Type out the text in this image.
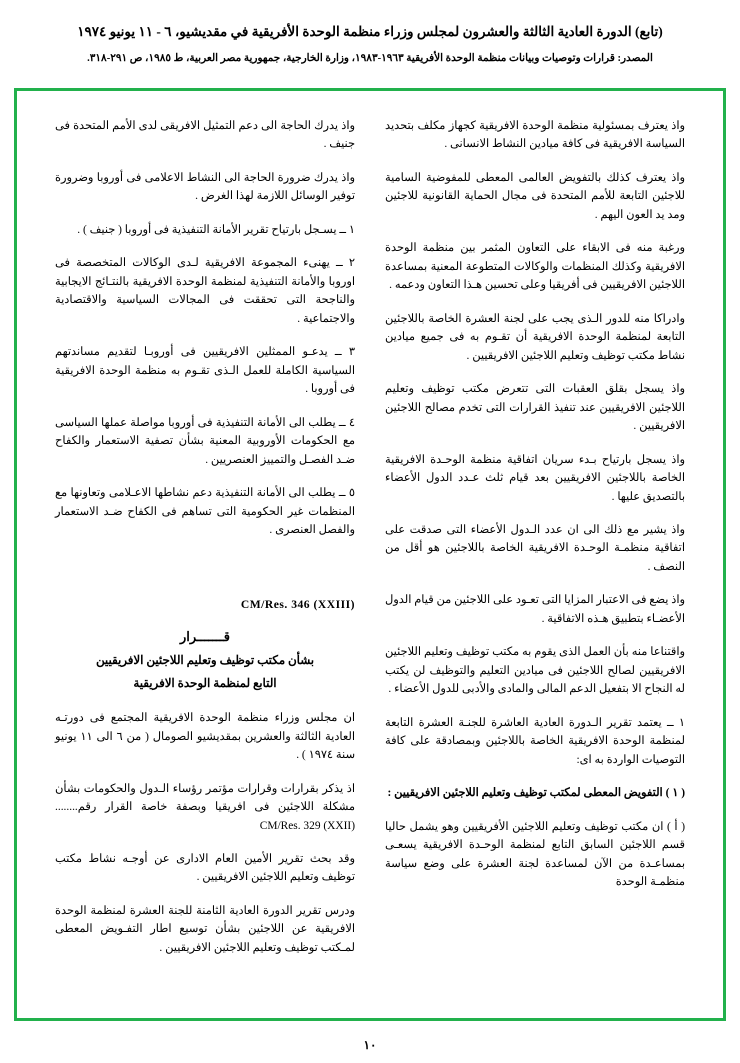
(تابع) الدورة العادية الثالثة والعشرون لمجلس وزراء منظمة الوحدة الأفريقية في مقديشيو، ٦ - ١١ يونيو ١٩٧٤
المصدر: قرارات وتوصيات وبيانات منظمة الوحدة الأفريقية ١٩٦٣-١٩٨٣، وزارة الخارجية، جمهورية مصر العربية، ط ١٩٨٥، ص ٢٩١-٣١٨.

واذ يعترف بمسئولية منظمة الوحدة الافريقية كجهاز مكلف بتحديد السياسة الافريقية فى كافة ميادين النشاط الانسانى .

واذ يعترف كذلك بالتفويض العالمى المعطى للمفوضية السامية للاجئين التابعة للأمم المتحدة فى مجال الحماية القانونية للاجئين ومد يد العون اليهم .

ورغبة منه فى الابقاء على التعاون المثمر بين منظمة الوحدة الافريقية وكذلك المنظمات والوكالات المتطوعة المعنية بمساعدة اللاجئين الافريقيين فى أفريقيا وعلى تحسين هـذا التعاون ودعمه .

وادراكا منه للدور الـذى يجب على لجنة العشرة الخاصة باللاجئين التابعة لمنظمة الوحدة الافريقية أن تقـوم به فى جميع ميادين نشاط مكتب توظيف وتعليم اللاجئين الافريقيين .

واذ يسجل بقلق العقبات التى تتعرض مكتب توظيف وتعليم اللاجئين الافريقيين عند تنفيذ القرارات التى تخدم مصالح اللاجئين الافريقيين .

واذ يسجل بارتياح بـدء سريان اتفاقية منظمة الوحـدة الافريقية الخاصة باللاجئين الافريقيين بعد قيام ثلث عـدد الدول الأعضاء بالتصديق عليها .

واذ يشير مع ذلك الى ان عدد الـدول الأعضاء التى صدقت على اتفاقية منظمـة الوحـدة الافريقية الخاصة باللاجئين هو أقل من النصف .

واذ يضع فى الاعتبار المزايا التى تعـود على اللاجئين من قيام الدول الأعضـاء بتطبيق هـذه الاتفاقية .

واقتناعا منه بأن العمل الذى يقوم به مكتب توظيف وتعليم اللاجئين الافريقيين لصالح اللاجئين فى ميادين التعليم والتوظيف لن يكتب له النجاح الا بتفعيل الدعم المالى والمادى والأدبى للدول الأعضاء .

١ ــ يعتمد تقرير الـدورة العادية العاشرة للجنـة العشرة التابعة لمنظمة الوحدة الافريقية الخاصة باللاجئين وبمصادقة على كافة التوصيات الواردة به اى:

( ١ ) التفويض المعطى لمكتب توظيف وتعليم اللاجئين الافريقيين :

( أ ) ان مكتب توظيف وتعليم اللاجئين الأفريقيين وهو يشمل حاليا قسم اللاجئين السابق التابع لمنظمة الوحـدة الافريقية يسعـى بمساعـدة من الآن لمساعدة لجنة العشرة على وضع سياسة منظمـة الوحدة

واذ يدرك الحاجة الى دعم التمثيل الافريقى لدى الأمم المتحدة فى جنيف .

واذ يدرك ضرورة الحاجة الى النشاط الاعلامى فى أوروبا وضرورة توفير الوسائل اللازمة لهذا الغرض .

١ ــ يسـجل بارتياح تقرير الأمانة التنفيذية فى أوروبا ( جنيف ) .

٢ ــ يهنىء المجموعة الافريقية لـدى الوكالات المتخصصة فى اوروبا والأمانة التنفيذية لمنظمة الوحدة الافريقية بالنتـائج الايجابية والناجحة التى تحققت فى المجالات السياسية والاقتصادية والاجتماعية .

٣ ــ يدعـو الممثلين الافريقيين فى أوروبـا لتقديم مساندتهم السياسية الكاملة للعمل الـذى تقـوم به منظمة الوحدة الافريقية فى أوروبا .

٤ ــ يطلب الى الأمانة التنفيذية فى أوروبا مواصلة عملها السياسى مع الحكومات الأوروبية المعنية بشأن تصفية الاستعمار والكفاح ضـد الفصـل والتمييز العنصريين .

٥ ــ يطلب الى الأمانة التنفيذية دعم نشاطها الاعـلامى وتعاونها مع المنظمات غير الحكومية التى تساهم فى الكفاح ضـد الاستعمار والفصل العنصرى .

CM/Res. 346 (XXIII)
قـــــــرار
بشأن مكتب توظيف وتعليم اللاجئين الافريقيين
التابع لمنظمة الوحدة الافريقية

ان مجلس وزراء منظمة الوحدة الافريقية المجتمع فى دورتـه العادية الثالثة والعشرين بمقديشيو الصومال ( من ٦ الى ١١ يونيو سنة ١٩٧٤ ) .

اذ يذكر بقرارات وقرارات مؤتمر رؤساء الـدول والحكومات بشأن مشكلة اللاجئين فى افريقيا وبصفة خاصة القرار رقم........ (CM/Res. 329 (XXII

وقد بحث تقرير الأمين العام الادارى عن أوجـه نشاط مكتب توظيف وتعليم اللاجئين الافريقيين .

ودرس تقرير الدورة العادية الثامنة للجنة العشرة لمنظمة الوحدة الافريقية عن اللاجئين بشأن توسيع اطار التفـويض المعطى لمـكتب توظيف وتعليم اللاجئين الافريقيين .

١٠
